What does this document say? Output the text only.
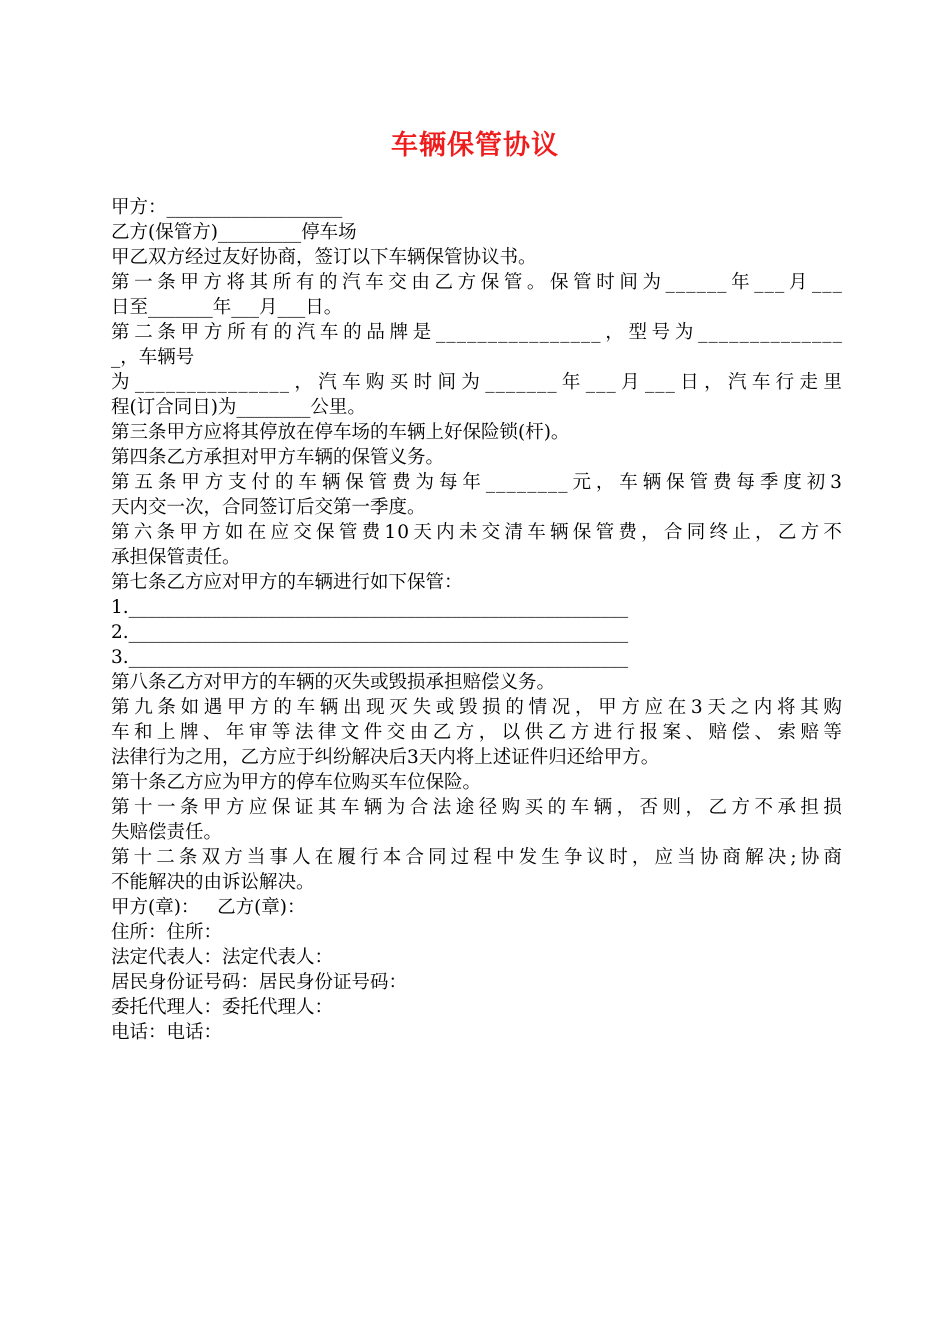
车辆保管协议
甲方：___________________
乙方(保管方)_________停车场
甲乙双方经过友好协商，签订以下车辆保管协议书。
第一条甲方将其所有的汽车交由乙方保管。保管时间为______年___月___
日至_______年___月___日。
第二条甲方所有的汽车的品牌是________________，型号为______________
_，车辆号
为_______________，汽车购买时间为_______年___月___日，汽车行走里
程(订合同日)为________公里。
第三条甲方应将其停放在停车场的车辆上好保险锁(杆)。
第四条乙方承担对甲方车辆的保管义务。
第五条甲方支付的车辆保管费为每年________元，车辆保管费每季度初3
天内交一次，合同签订后交第一季度。
第六条甲方如在应交保管费10天内未交清车辆保管费，合同终止，乙方不
承担保管责任。
第七条乙方应对甲方的车辆进行如下保管：
1.______________________________________________________
2.______________________________________________________
3.______________________________________________________
第八条乙方对甲方的车辆的灭失或毁损承担赔偿义务。
第九条如遇甲方的车辆出现灭失或毁损的情况，甲方应在3天之内将其购
车和上牌、年审等法律文件交由乙方，以供乙方进行报案、赔偿、索赔等
法律行为之用，乙方应于纠纷解决后3天内将上述证件归还给甲方。
第十条乙方应为甲方的停车位购买车位保险。
第十一条甲方应保证其车辆为合法途径购买的车辆，否则，乙方不承担损
失赔偿责任。
第十二条双方当事人在履行本合同过程中发生争议时，应当协商解决;协商
不能解决的由诉讼解决。
甲方(章)：   乙方(章)：
住所：住所：
法定代表人：法定代表人：
居民身份证号码：居民身份证号码：
委托代理人：委托代理人：
电话：电话：
